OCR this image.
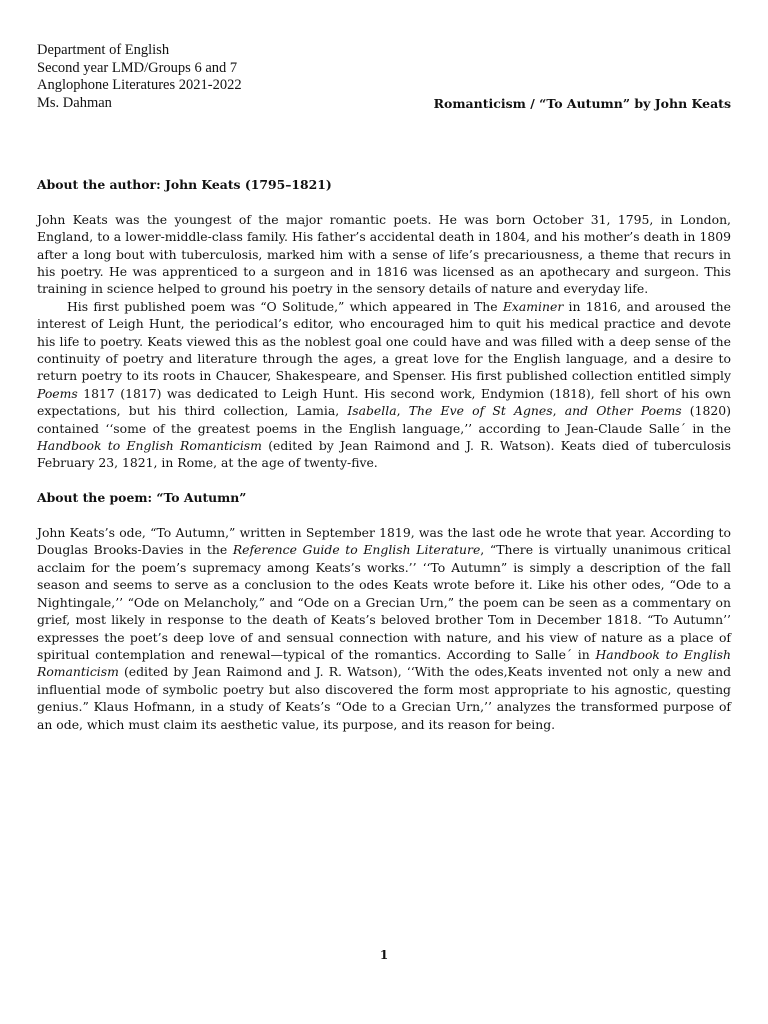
Department of English
Second year LMD/Groups 6 and 7
Anglophone Literatures 2021-2022
Ms. Dahman	Romanticism / “To Autumn” by John Keats

About the author: John Keats (1795–1821)

John Keats was the youngest of the major romantic poets. He was born October 31, 1795, in London, England, to a lower-middle-class family. His father’s accidental death in 1804, and his mother’s death in 1809 after a long bout with tuberculosis, marked him with a sense of life’s precariousness, a theme that recurs in his poetry. He was apprenticed to a surgeon and in 1816 was licensed as an apothecary and surgeon. This training in science helped to ground his poetry in the sensory details of nature and everyday life.

His first published poem was “O Solitude,” which appeared in The Examiner in 1816, and aroused the interest of Leigh Hunt, the periodical’s editor, who encouraged him to quit his medical practice and devote his life to poetry. Keats viewed this as the noblest goal one could have and was filled with a deep sense of the continuity of poetry and literature through the ages, a great love for the English language, and a desire to return poetry to its roots in Chaucer, Shakespeare, and Spenser. His first published collection entitled simply Poems 1817 (1817) was dedicated to Leigh Hunt. His second work, Endymion (1818), fell short of his own expectations, but his third collection, Lamia, Isabella, The Eve of St Agnes, and Other Poems (1820) contained ‘‘some of the greatest poems in the English language,’’ according to Jean-Claude Salle´ in the Handbook to English Romanticism (edited by Jean Raimond and J. R. Watson). Keats died of tuberculosis February 23, 1821, in Rome, at the age of twenty-five.

About the poem: “To Autumn”

John Keats’s ode, “To Autumn,” written in September 1819, was the last ode he wrote that year. According to Douglas Brooks-Davies in the Reference Guide to English Literature, “There is virtually unanimous critical acclaim for the poem’s supremacy among Keats’s works.’’ ‘‘To Autumn” is simply a description of the fall season and seems to serve as a conclusion to the odes Keats wrote before it. Like his other odes, “Ode to a Nightingale,’’ “Ode on Melancholy,” and “Ode on a Grecian Urn,” the poem can be seen as a commentary on grief, most likely in response to the death of Keats’s beloved brother Tom in December 1818. “To Autumn’’ expresses the poet’s deep love of and sensual connection with nature, and his view of nature as a place of spiritual contemplation and renewal—typical of the romantics. According to Salle´ in Handbook to English Romanticism (edited by Jean Raimond and J. R. Watson), ‘‘With the odes,Keats invented not only a new and influential mode of symbolic poetry but also discovered the form most appropriate to his agnostic, questing genius.” Klaus Hofmann, in a study of Keats’s “Ode to a Grecian Urn,’’ analyzes the transformed purpose of an ode, which must claim its aesthetic value, its purpose, and its reason for being.

1
